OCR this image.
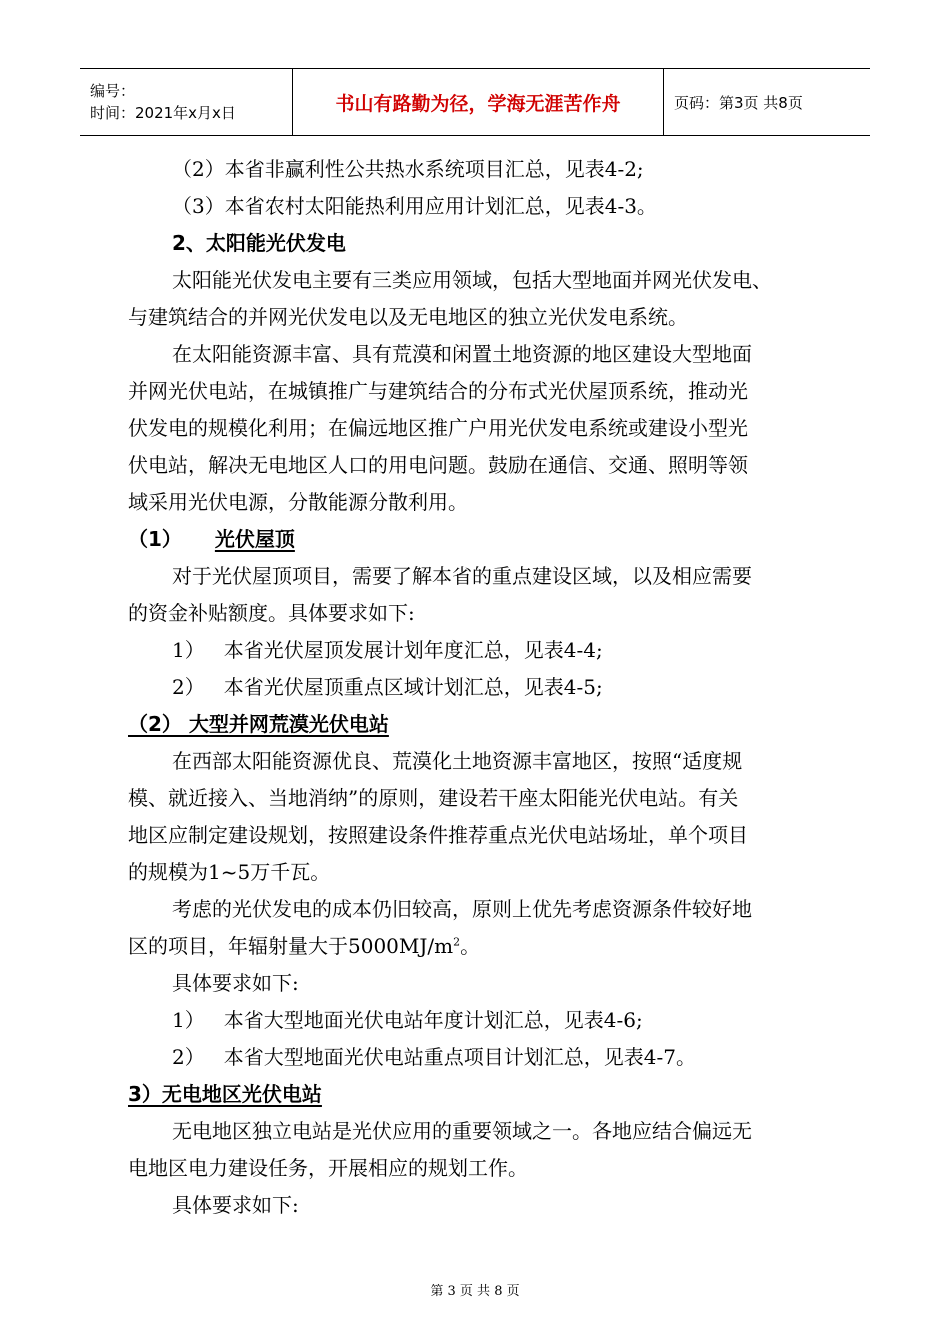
编号：
时间：2021年x月x日	书山有路勤为径，学海无涯苦作舟	页码：第3页 共8页
（2）本省非赢利性公共热水系统项目汇总，见表4-2;
（3）本省农村太阳能热利用应用计划汇总，见表4-3。
2、太阳能光伏发电
太阳能光伏发电主要有三类应用领域，包括大型地面并网光伏发电、
与建筑结合的并网光伏发电以及无电地区的独立光伏发电系统。
在太阳能资源丰富、具有荒漠和闲置土地资源的地区建设大型地面
并网光伏电站，在城镇推广与建筑结合的分布式光伏屋顶系统，推动光
伏发电的规模化利用；在偏远地区推广户用光伏发电系统或建设小型光
伏电站，解决无电地区人口的用电问题。鼓励在通信、交通、照明等领
域采用光伏电源，分散能源分散利用。
（1） 光伏屋顶
对于光伏屋顶项目，需要了解本省的重点建设区域，以及相应需要
的资金补贴额度。具体要求如下:
1）   本省光伏屋顶发展计划年度汇总，见表4-4;
2）   本省光伏屋顶重点区域计划汇总，见表4-5;
（2） 大型并网荒漠光伏电站
在西部太阳能资源优良、荒漠化土地资源丰富地区，按照“适度规
模、就近接入、当地消纳”的原则，建设若干座太阳能光伏电站。有关
地区应制定建设规划，按照建设条件推荐重点光伏电站场址，单个项目
的规模为1~5万千瓦。
考虑的光伏发电的成本仍旧较高，原则上优先考虑资源条件较好地
区的项目，年辐射量大于$5000MJ/m^2$。
具体要求如下:
1）   本省大型地面光伏电站年度计划汇总，见表4-6;
2）   本省大型地面光伏电站重点项目计划汇总，见表4-7。
3）无电地区光伏电站
无电地区独立电站是光伏应用的重要领域之一。各地应结合偏远无
电地区电力建设任务，开展相应的规划工作。
具体要求如下:
第 3 页 共 8 页
